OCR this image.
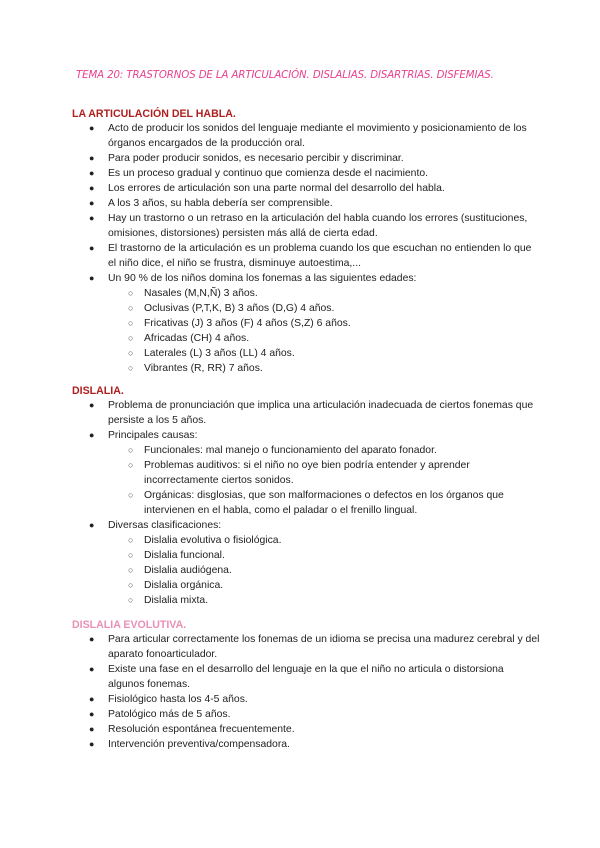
TEMA 20: TRASTORNOS DE LA ARTICULACIÓN. DISLALIAS. DISARTRIAS. DISFEMIAS.
LA ARTICULACIÓN DEL HABLA.
● Acto de producir los sonidos del lenguaje mediante el movimiento y posicionamiento de los órganos encargados de la producción oral.
● Para poder producir sonidos, es necesario percibir y discriminar.
● Es un proceso gradual y continuo que comienza desde el nacimiento.
● Los errores de articulación son una parte normal del desarrollo del habla.
● A los 3 años, su habla debería ser comprensible.
● Hay un trastorno o un retraso en la articulación del habla cuando los errores (sustituciones, omisiones, distorsiones) persisten más allá de cierta edad.
● El trastorno de la articulación es un problema cuando los que escuchan no entienden lo que el niño dice, el niño se frustra, disminuye autoestima,...
● Un 90 % de los niños domina los fonemas a las siguientes edades:
○ Nasales (M,N,Ñ) 3 años.
○ Oclusivas (P,T,K, B) 3 años (D,G) 4 años.
○ Fricativas (J) 3 años (F) 4 años (S,Z) 6 años.
○ Africadas (CH) 4 años.
○ Laterales (L) 3 años (LL) 4 años.
○ Vibrantes (R, RR) 7 años.
DISLALIA.
● Problema de pronunciación que implica una articulación inadecuada de ciertos fonemas que persiste a los 5 años.
● Principales causas:
○ Funcionales: mal manejo o funcionamiento del aparato fonador.
○ Problemas auditivos: si el niño no oye bien podría entender y aprender incorrectamente ciertos sonidos.
○ Orgánicas: disglosias, que son malformaciones o defectos en los órganos que intervienen en el habla, como el paladar o el frenillo lingual.
● Diversas clasificaciones:
○ Dislalia evolutiva o fisiológica.
○ Dislalia funcional.
○ Dislalia audiógena.
○ Dislalia orgánica.
○ Dislalia mixta.
DISLALIA EVOLUTIVA.
● Para articular correctamente los fonemas de un idioma se precisa una madurez cerebral y del aparato fonoarticulador.
● Existe una fase en el desarrollo del lenguaje en la que el niño no articula o distorsiona algunos fonemas.
● Fisiológico hasta los 4-5 años.
● Patológico más de 5 años.
● Resolución espontánea frecuentemente.
● Intervención preventiva/compensadora.
